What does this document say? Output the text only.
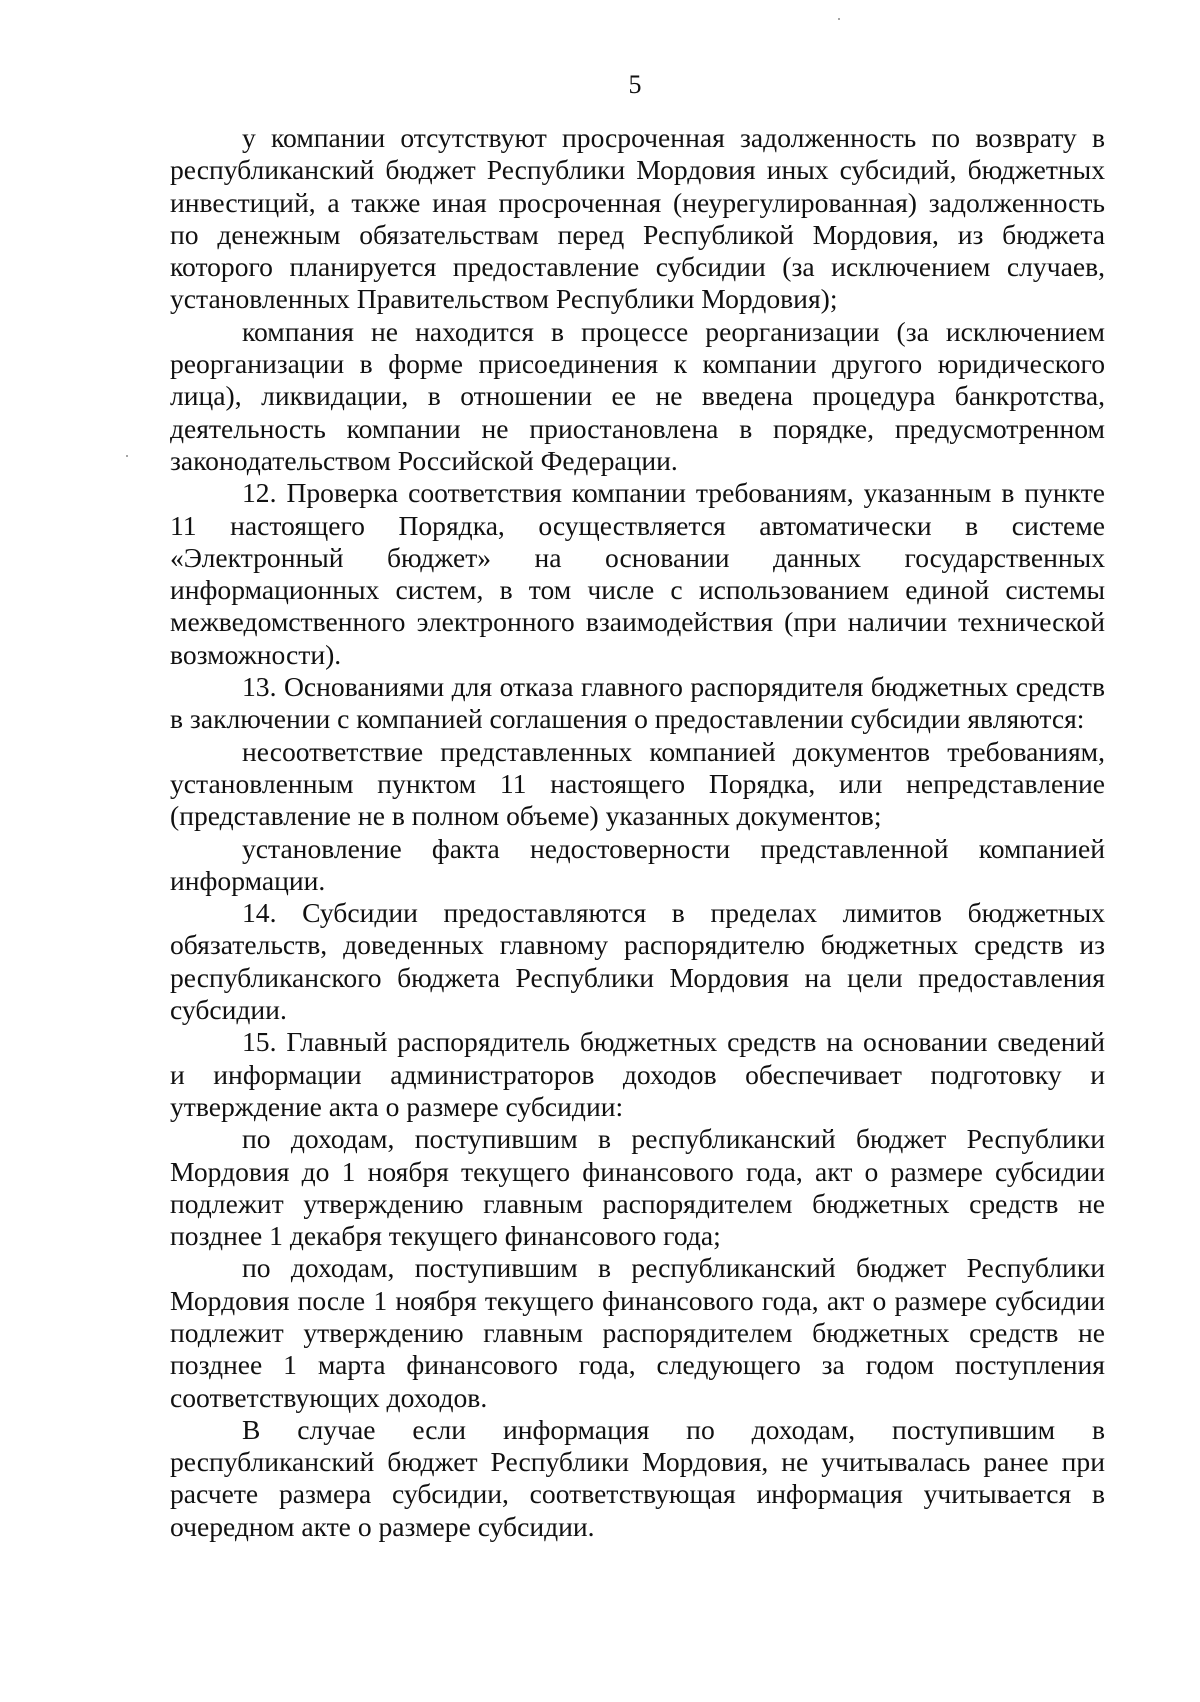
5

у компании отсутствуют просроченная задолженность по возврату в республиканский бюджет Республики Мордовия иных субсидий, бюджетных инвестиций, а также иная просроченная (неурегулированная) задолженность по денежным обязательствам перед Республикой Мордовия, из бюджета которого планируется предоставление субсидии (за исключением случаев, установленных Правительством Республики Мордовия);

компания не находится в процессе реорганизации (за исключением реорганизации в форме присоединения к компании другого юридического лица), ликвидации, в отношении ее не введена процедура банкротства, деятельность компании не приостановлена в порядке, предусмотренном законодательством Российской Федерации.

12. Проверка соответствия компании требованиям, указанным в пункте 11 настоящего Порядка, осуществляется автоматически в системе «Электронный бюджет» на основании данных государственных информационных систем, в том числе с использованием единой системы межведомственного электронного взаимодействия (при наличии технической возможности).

13. Основаниями для отказа главного распорядителя бюджетных средств в заключении с компанией соглашения о предоставлении субсидии являются:

несоответствие представленных компанией документов требованиям, установленным пунктом 11 настоящего Порядка, или непредставление (представление не в полном объеме) указанных документов;

установление факта недостоверности представленной компанией информации.

14. Субсидии предоставляются в пределах лимитов бюджетных обязательств, доведенных главному распорядителю бюджетных средств из республиканского бюджета Республики Мордовия на цели предоставления субсидии.

15. Главный распорядитель бюджетных средств на основании сведений и информации администраторов доходов обеспечивает подготовку и утверждение акта о размере субсидии:

по доходам, поступившим в республиканский бюджет Республики Мордовия до 1 ноября текущего финансового года, акт о размере субсидии подлежит утверждению главным распорядителем бюджетных средств не позднее 1 декабря текущего финансового года;

по доходам, поступившим в республиканский бюджет Республики Мордовия после 1 ноября текущего финансового года, акт о размере субсидии подлежит утверждению главным распорядителем бюджетных средств не позднее 1 марта финансового года, следующего за годом поступления соответствующих доходов.

В случае если информация по доходам, поступившим в республиканский бюджет Республики Мордовия, не учитывалась ранее при расчете размера субсидии, соответствующая информация учитывается в очередном акте о размере субсидии.
